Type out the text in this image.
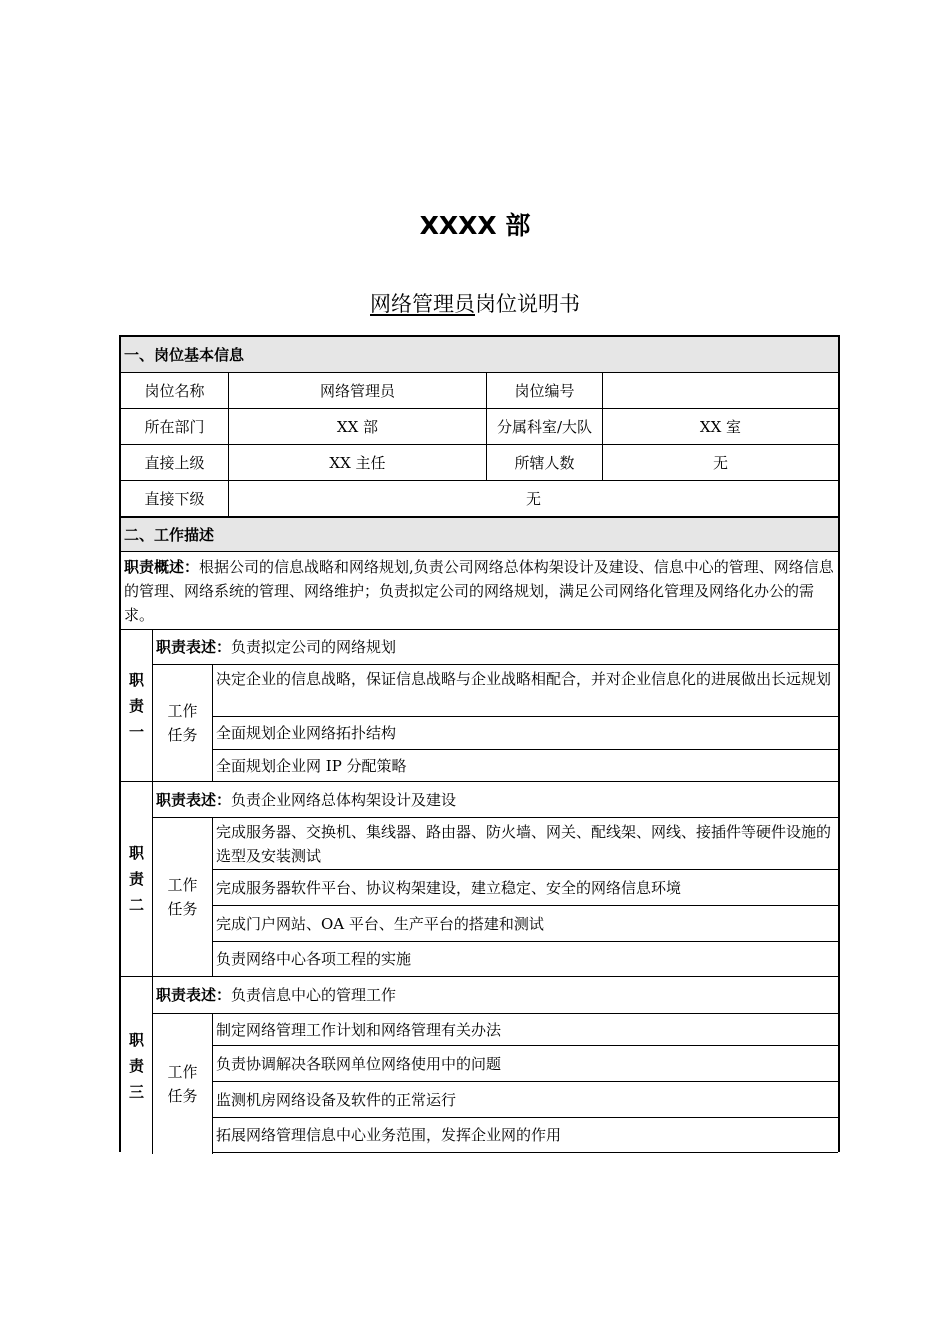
XXXX 部
网络管理员岗位说明书
一、岗位基本信息
岗位名称	网络管理员	岗位编号
所在部门	XX 部	分属科室/大队	XX 室
直接上级	XX 主任	所辖人数	无
直接下级	无
二、工作描述
职责概述：根据公司的信息战略和网络规划,负责公司网络总体构架设计及建设、信息中心的管理、网络信息的管理、网络系统的管理、网络维护；负责拟定公司的网络规划，满足公司网络化管理及网络化办公的需求。
职
责
一
职责表述： 负责拟定公司的网络规划
工作
任务
决定企业的信息战略，保证信息战略与企业战略相配合，并对企业信息化的进展做出长远规划
全面规划企业网络拓扑结构
全面规划企业网 IP 分配策略
职
责
二
职责表述： 负责企业网络总体构架设计及建设
工作
任务
完成服务器、交换机、集线器、路由器、防火墙、网关、配线架、网线、接插件等硬件设施的选型及安装测试
完成服务器软件平台、协议构架建设，建立稳定、安全的网络信息环境
完成门户网站、OA 平台、生产平台的搭建和测试
负责网络中心各项工程的实施
职
责
三
职责表述： 负责信息中心的管理工作
工作
任务
制定网络管理工作计划和网络管理有关办法
负责协调解决各联网单位网络使用中的问题
监测机房网络设备及软件的正常运行
拓展网络管理信息中心业务范围，发挥企业网的作用
